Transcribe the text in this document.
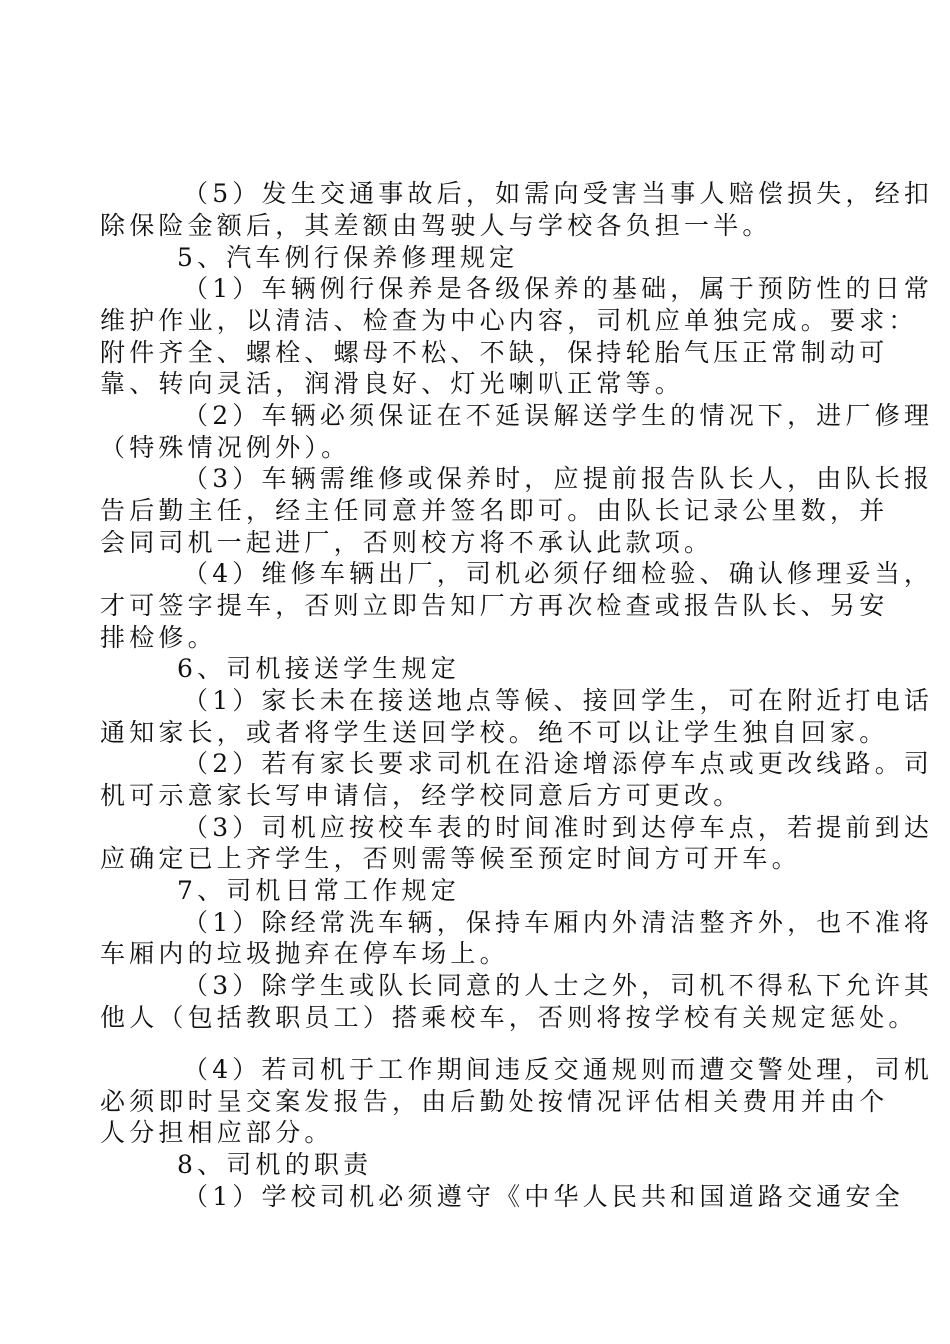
（5）发生交通事故后，如需向受害当事人赔偿损失，经扣
除保险金额后，其差额由驾驶人与学校各负担一半。
5、汽车例行保养修理规定
（1）车辆例行保养是各级保养的基础，属于预防性的日常
维护作业，以清洁、检查为中心内容，司机应单独完成。要求：
附件齐全、螺栓、螺母不松、不缺，保持轮胎气压正常制动可
靠、转向灵活，润滑良好、灯光喇叭正常等。
（2）车辆必须保证在不延误解送学生的情况下，进厂修理
（特殊情况例外）。
（3）车辆需维修或保养时，应提前报告队长人，由队长报
告后勤主任，经主任同意并签名即可。由队长记录公里数，并
会同司机一起进厂，否则校方将不承认此款项。
（4）维修车辆出厂，司机必须仔细检验、确认修理妥当，
才可签字提车，否则立即告知厂方再次检查或报告队长、另安
排检修。
6、司机接送学生规定
（1）家长未在接送地点等候、接回学生，可在附近打电话
通知家长，或者将学生送回学校。绝不可以让学生独自回家。
（2）若有家长要求司机在沿途增添停车点或更改线路。司
机可示意家长写申请信，经学校同意后方可更改。
（3）司机应按校车表的时间准时到达停车点，若提前到达
应确定已上齐学生，否则需等候至预定时间方可开车。
7、司机日常工作规定
（1）除经常洗车辆，保持车厢内外清洁整齐外，也不准将
车厢内的垃圾抛弃在停车场上。
（3）除学生或队长同意的人士之外，司机不得私下允许其
他人（包括教职员工）搭乘校车，否则将按学校有关规定惩处。
（4）若司机于工作期间违反交通规则而遭交警处理，司机
必须即时呈交案发报告，由后勤处按情况评估相关费用并由个
人分担相应部分。
8、司机的职责
（1）学校司机必须遵守《中华人民共和国道路交通安全
